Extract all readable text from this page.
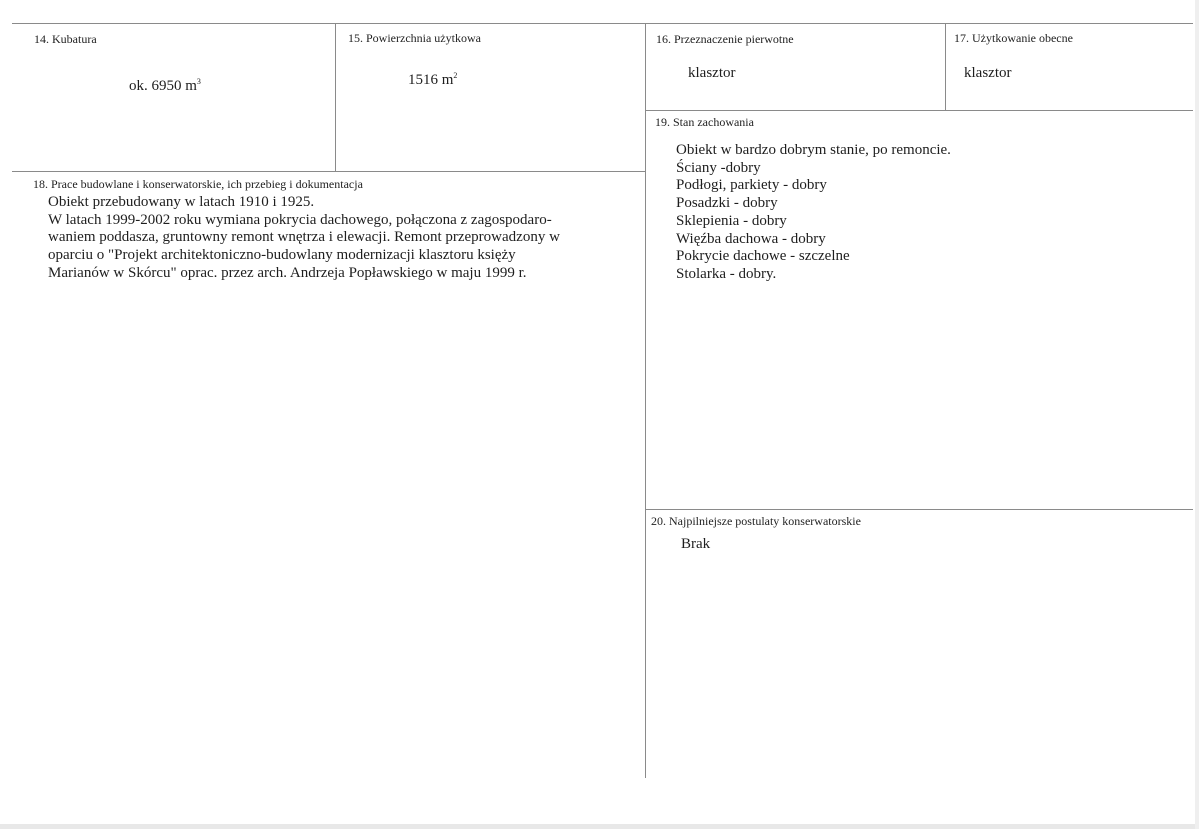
14. Kubatura
ok. 6950 $m^3$
15. Powierzchnia użytkowa
1516 $m^2$
16. Przeznaczenie pierwotne
klasztor
17. Użytkowanie obecne
klasztor
19. Stan zachowania
Obiekt w bardzo dobrym stanie, po remoncie.
Ściany -dobry
Podłogi, parkiety - dobry
Posadzki - dobry
Sklepienia - dobry
Więźba dachowa - dobry
Pokrycie dachowe - szczelne
Stolarka - dobry.
18. Prace budowlane i konserwatorskie, ich przebieg i dokumentacja
Obiekt przebudowany w latach 1910 i 1925.
W latach 1999-2002 roku wymiana pokrycia dachowego, połączona z zagospodaro-
waniem poddasza, gruntowny remont wnętrza i elewacji. Remont przeprowadzony w
oparciu o "Projekt architektoniczno-budowlany modernizacji klasztoru księży
Marianów w Skórcu" oprac. przez arch. Andrzeja Popławskiego w maju 1999 r.
20. Najpilniejsze postulaty konserwatorskie
Brak
